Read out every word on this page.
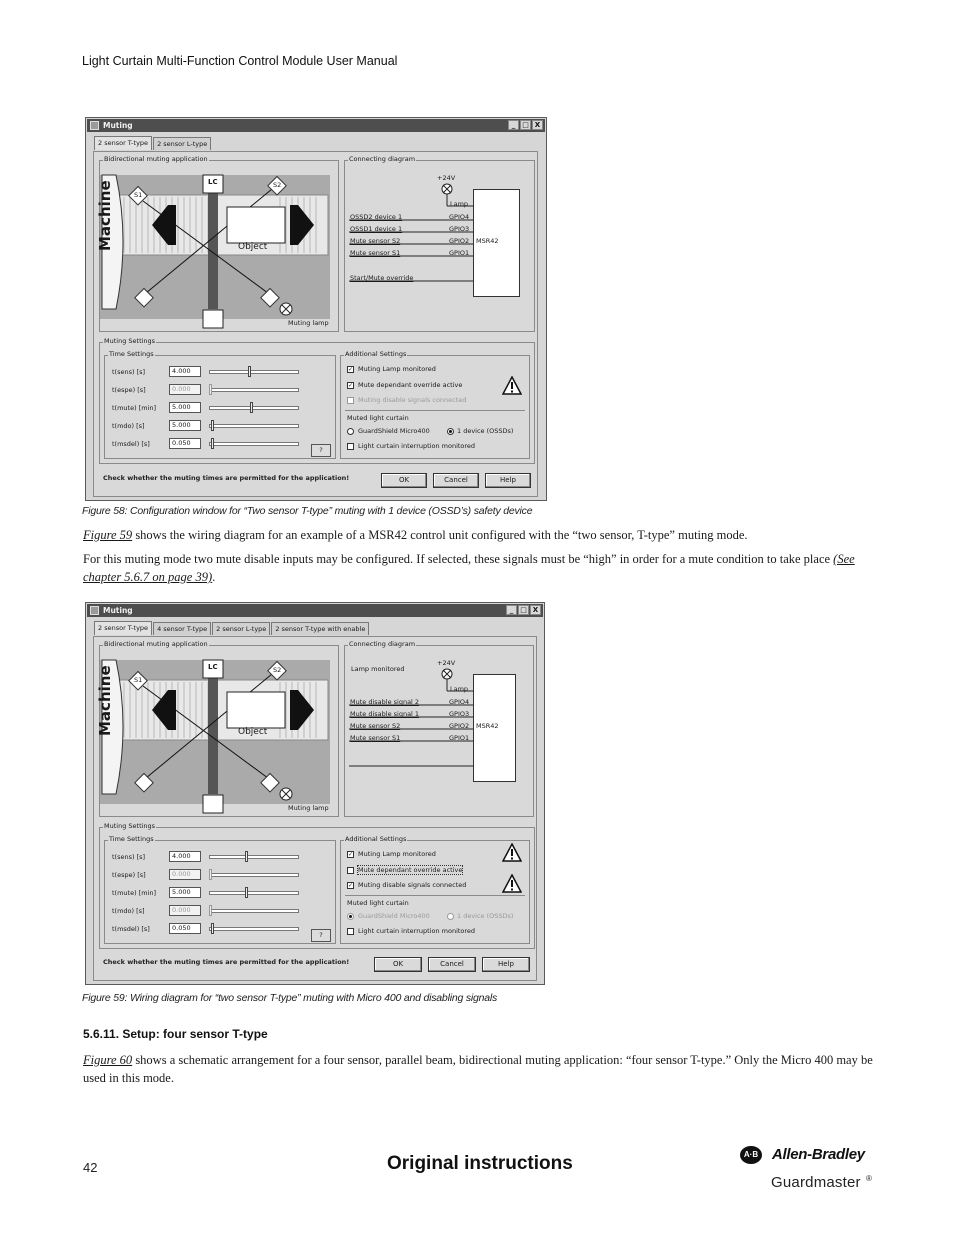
Light Curtain Multi-Function Control Module User Manual
Muting	_ □ X
2 sensor T-type	2 sensor L-type
Bidirectional muting application
Machine	Object
LC
S1
S2
Muting lamp
Connecting diagram
+24V
MSR42
Lamp
OSSD2 device 1	GPIO4
OSSD1 device 1	GPIO3
Mute sensor S2	GPIO2
Mute sensor S1	GPIO1
Start/Mute override
Muting Settings
Time Settings
t(sens) [s]	4.000
t(espe) [s]	0.000
t(mute) [min]	5.000
t(mdo) [s]	5.000
t(msdel) [s]	0.050
?
Additional Settings
✓ Muting Lamp monitored
✓ Mute dependant override active
Muting disable signals connected
Muted light curtain
GuardShield Micro400	1 device (OSSDs)
Light curtain interruption monitored
Check whether the muting times are permitted for the application!	OK	Cancel	Help
Figure 58: Configuration window for “Two sensor T-type” muting with 1 device (OSSD’s) safety device
Figure 59 shows the wiring diagram for an example of a MSR42 control unit configured with the “two sensor, T-type” muting mode.
For this muting mode two mute disable inputs may be configured. If selected, these signals must be “high” in order for a mute condition to take place (See chapter 5.6.7 on page 39).
Muting	_ □ X
2 sensor T-type	4 sensor T-type	2 sensor L-type	2 sensor T-type with enable
Bidirectional muting application
Machine	Object
LC
S1
S2
Muting lamp
Connecting diagram
Lamp monitored
+24V
MSR42
Lamp
Mute disable signal 2	GPIO4
Mute disable signal 1	GPIO3
Mute sensor S2	GPIO2
Mute sensor S1	GPIO1
Muting Settings
Time Settings
t(sens) [s]	4.000
t(espe) [s]	0.000
t(mute) [min]	5.000
t(mdo) [s]	0.000
t(msdel) [s]	0.050
?
Additional Settings
✓ Muting Lamp monitored
Mute dependant override active
✓ Muting disable signals connected
Muted light curtain
GuardShield Micro400	1 device (OSSDs)
Light curtain interruption monitored
Check whether the muting times are permitted for the application!	OK	Cancel	Help
Figure 59: Wiring diagram for “two sensor T-type” muting with Micro 400 and disabling signals
5.6.11. Setup: four sensor T-type
Figure 60 shows a schematic arrangement for a four sensor, parallel beam, bidirectional muting application: “four sensor T-type.” Only the Micro 400 may be used in this mode.
42	Original instructions	A·B Allen-Bradley
Guardmaster ®
